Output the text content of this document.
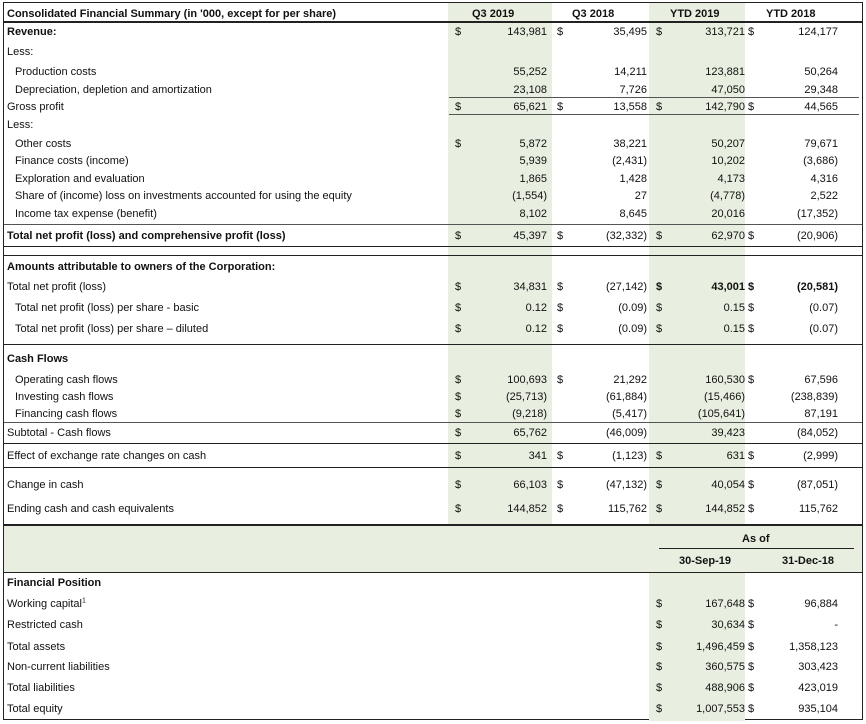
Consolidated Financial Summary (in '000, except for per share)	Q3 2019	Q3 2018	YTD 2019	YTD 2018
Revenue:	$	143,981 $	35,495 $	313,721 $	124,177
Less:
Production costs	55,252	14,211	123,881	50,264
Depreciation, depletion and amortization	23,108	7,726	47,050	29,348
Gross profit	$	65,621 $	13,558 $	142,790 $	44,565
Less:
Other costs	$	5,872	38,221	50,207	79,671
Finance costs (income)	5,939	(2,431)	10,202	(3,686)
Exploration and evaluation	1,865	1,428	4,173	4,316
Share of (income) loss on investments accounted for using the equity	(1,554)	27	(4,778)	2,522
Income tax expense (benefit)	8,102	8,645	20,016	(17,352)
Total net profit (loss) and comprehensive profit (loss)	$	45,397 $	(32,332) $	62,970 $	(20,906)
Amounts attributable to owners of the Corporation:
Total net profit (loss)	$	34,831 $	(27,142) $	43,001 $	(20,581)
Total net profit (loss) per share - basic	$	0.12 $	(0.09) $	0.15 $	(0.07)
Total net profit (loss) per share – diluted	$	0.12 $	(0.09) $	0.15 $	(0.07)
Cash Flows
Operating cash flows	$	100,693 $	21,292	160,530 $	67,596
Investing cash flows	$	(25,713)	(61,884)	(15,466)	(238,839)
Financing cash flows	$	(9,218)	(5,417)	(105,641)	87,191
Subtotal - Cash flows	$	65,762	(46,009)	39,423	(84,052)
Effect of exchange rate changes on cash	$	341 $	(1,123) $	631 $	(2,999)
Change in cash	$	66,103 $	(47,132) $	40,054 $	(87,051)
Ending cash and cash equivalents	$	144,852 $	115,762 $	144,852 $	115,762
As of
30-Sep-19	31-Dec-18
Financial Position
Working capital$^1$	$	167,648 $	96,884
Restricted cash	$	30,634 $	-
Total assets	$	1,496,459 $	1,358,123
Non-current liabilities	$	360,575 $	303,423
Total liabilities	$	488,906 $	423,019
Total equity	$	1,007,553 $	935,104
